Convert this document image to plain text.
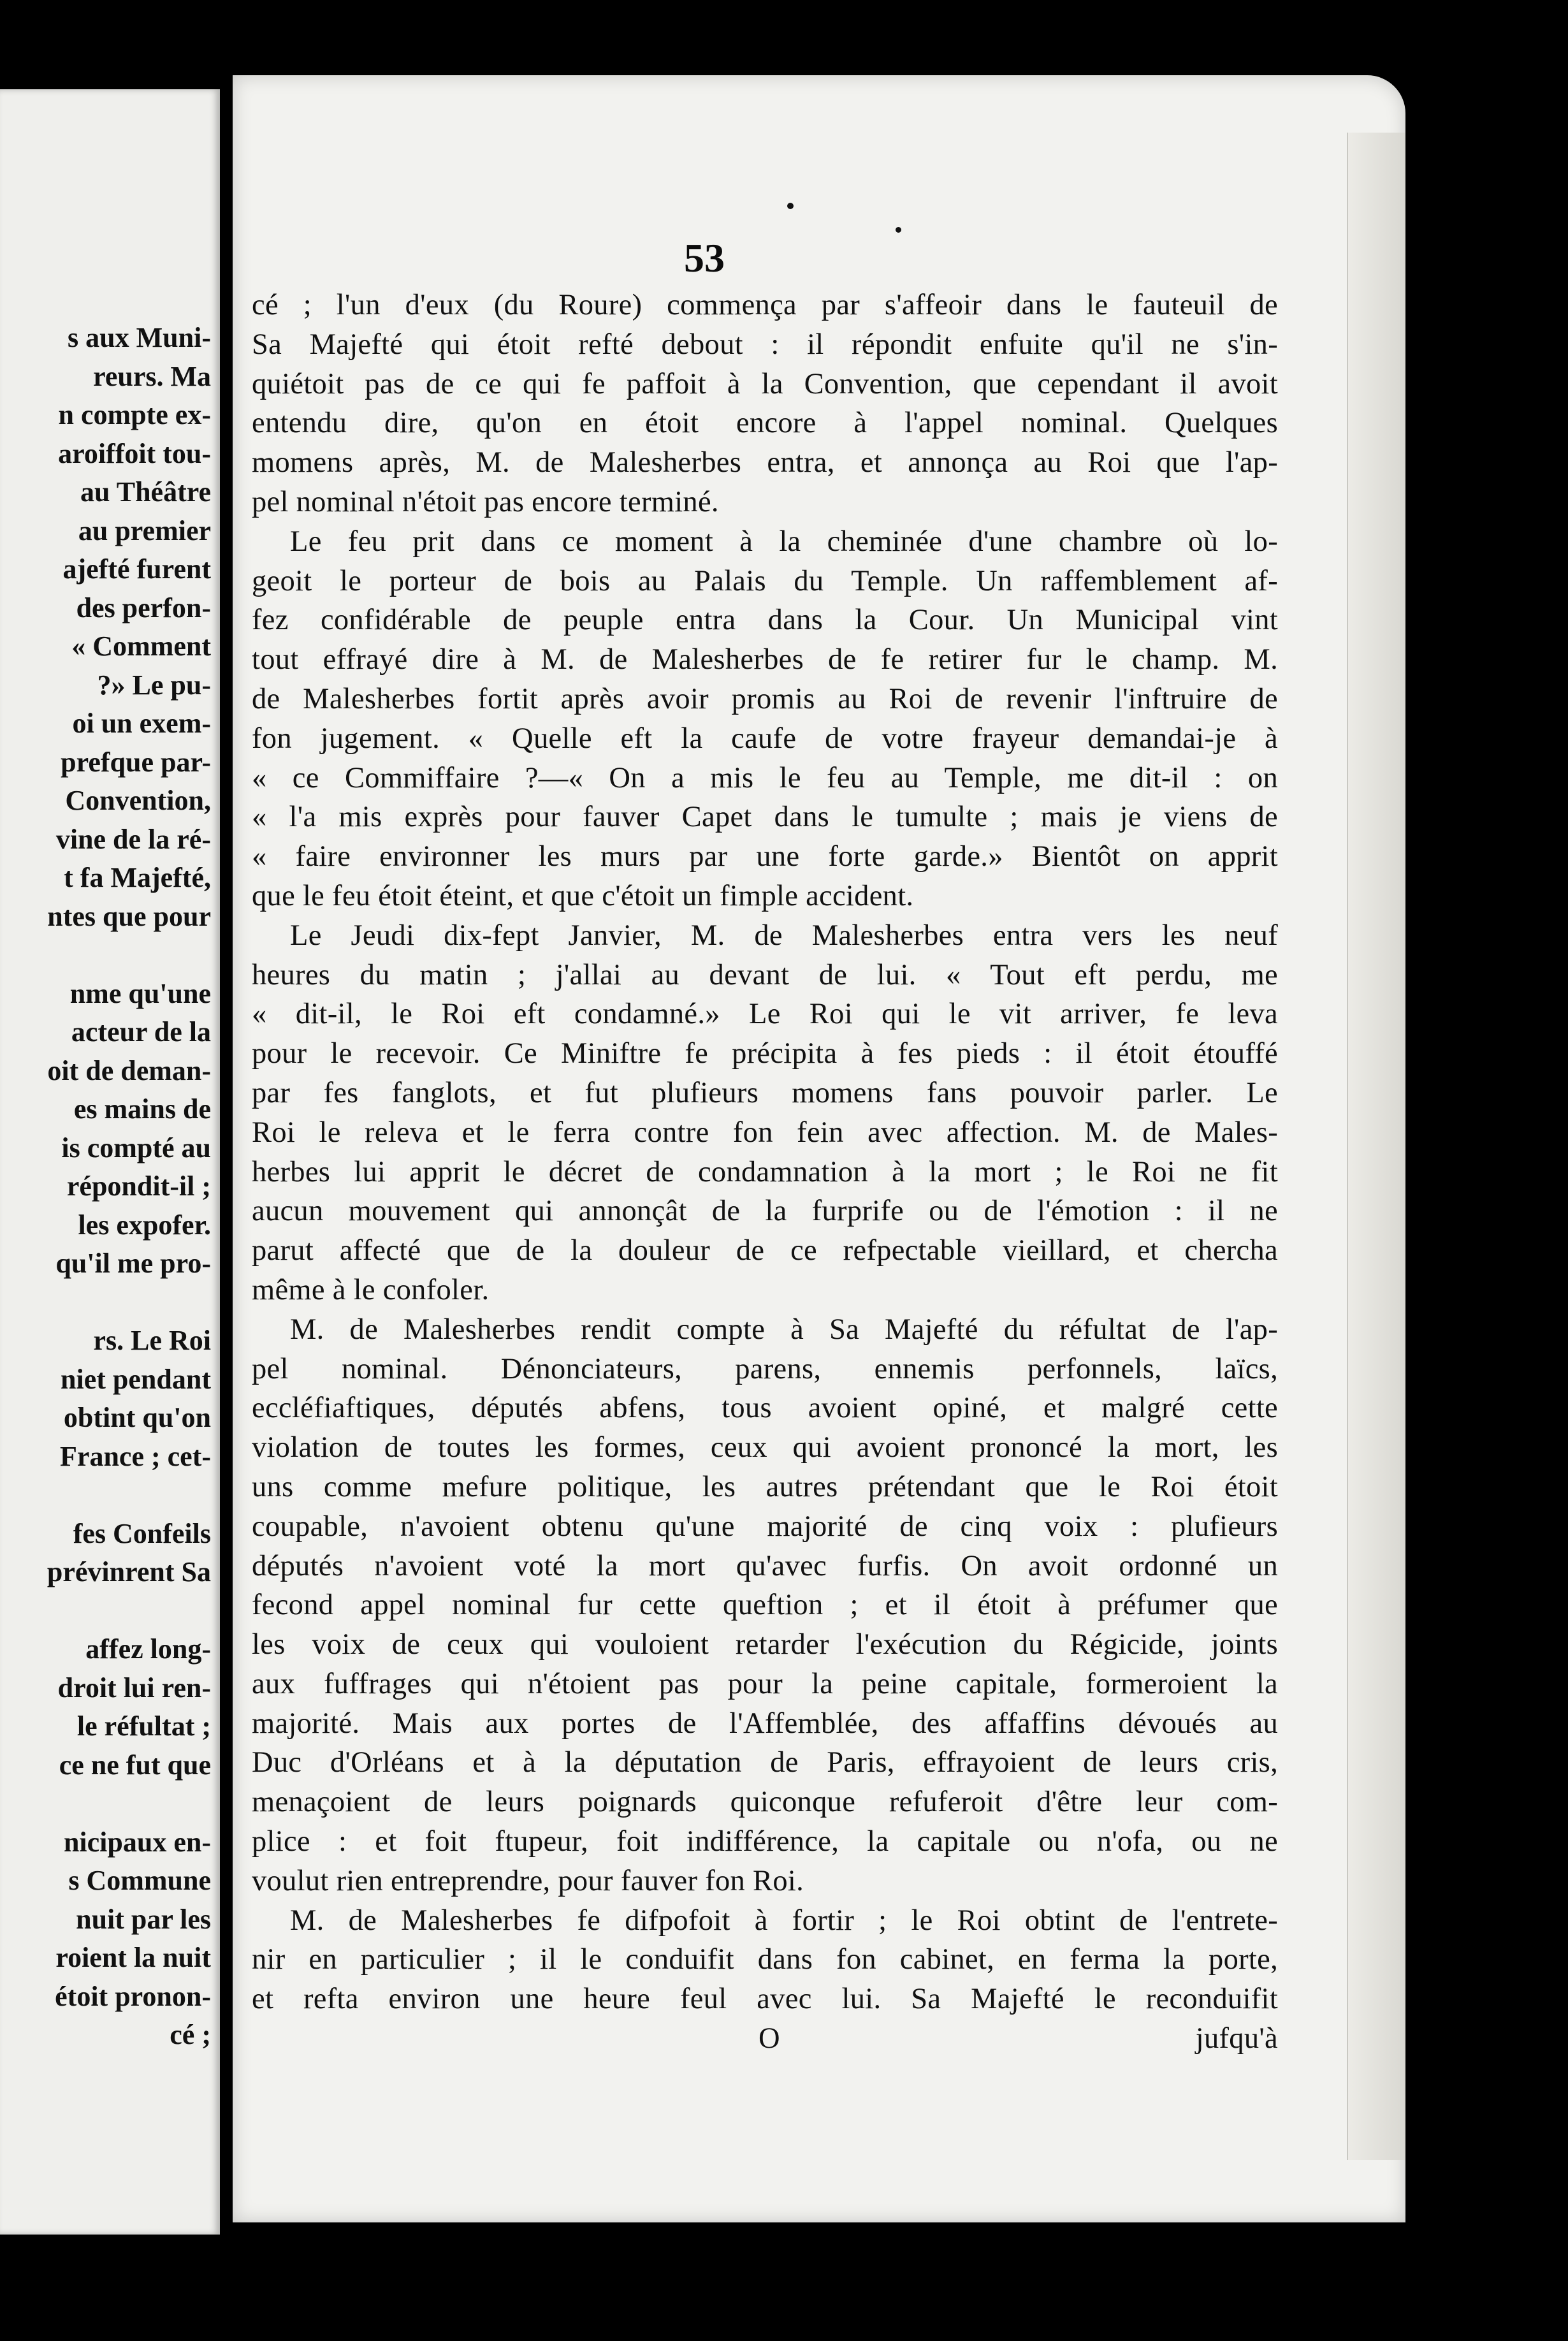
s aux Muni-
reurs. Ma
n compte ex-
aroiffoit tou-
au Théâtre
au premier
ajefté furent
des perfon-
« Comment
?» Le pu-
oi un exem-
prefque par-
Convention,
vine de la ré-
t fa Majefté,
ntes que pour
nme qu'une
acteur de la
oit de deman-
es mains de
is compté au
répondit-il ;
les expofer.
qu'il me pro-
rs. Le Roi
niet pendant
obtint qu'on
France ; cet-
fes Confeils
prévinrent Sa
affez long-
droit lui ren-
le réfultat ;
ce ne fut que
nicipaux en-
s Commune
nuit par les
roient la nuit
étoit pronon-
cé ;
53
cé ; l'un d'eux (du Roure) commença par s'affeoir dans le fauteuil de
Sa Majefté qui étoit refté debout : il répondit enfuite qu'il ne s'in-
quiétoit pas de ce qui fe paffoit à la Convention, que cependant il avoit
entendu dire, qu'on en étoit encore à l'appel nominal. Quelques
momens après, M. de Malesherbes entra, et annonça au Roi que l'ap-
pel nominal n'étoit pas encore terminé.
Le feu prit dans ce moment à la cheminée d'une chambre où lo-
geoit le porteur de bois au Palais du Temple. Un raffemblement af-
fez confidérable de peuple entra dans la Cour. Un Municipal vint
tout effrayé dire à M. de Malesherbes de fe retirer fur le champ. M.
de Malesherbes fortit après avoir promis au Roi de revenir l'inftruire de
fon jugement. « Quelle eft la caufe de votre frayeur demandai-je à
« ce Commiffaire ?—« On a mis le feu au Temple, me dit-il : on
« l'a mis exprès pour fauver Capet dans le tumulte ; mais je viens de
« faire environner les murs par une forte garde.» Bientôt on apprit
que le feu étoit éteint, et que c'étoit un fimple accident.
Le Jeudi dix-fept Janvier, M. de Malesherbes entra vers les neuf
heures du matin ; j'allai au devant de lui. « Tout eft perdu, me
« dit-il, le Roi eft condamné.» Le Roi qui le vit arriver, fe leva
pour le recevoir. Ce Miniftre fe précipita à fes pieds : il étoit étouffé
par fes fanglots, et fut plufieurs momens fans pouvoir parler. Le
Roi le releva et le ferra contre fon fein avec affection. M. de Males-
herbes lui apprit le décret de condamnation à la mort ; le Roi ne fit
aucun mouvement qui annonçât de la furprife ou de l'émotion : il ne
parut affecté que de la douleur de ce refpectable vieillard, et chercha
même à le confoler.
M. de Malesherbes rendit compte à Sa Majefté du réfultat de l'ap-
pel nominal. Dénonciateurs, parens, ennemis perfonnels, laïcs,
eccléfiaftiques, députés abfens, tous avoient opiné, et malgré cette
violation de toutes les formes, ceux qui avoient prononcé la mort, les
uns comme mefure politique, les autres prétendant que le Roi étoit
coupable, n'avoient obtenu qu'une majorité de cinq voix : plufieurs
députés n'avoient voté la mort qu'avec furfis. On avoit ordonné un
fecond appel nominal fur cette queftion ; et il étoit à préfumer que
les voix de ceux qui vouloient retarder l'exécution du Régicide, joints
aux fuffrages qui n'étoient pas pour la peine capitale, formeroient la
majorité. Mais aux portes de l'Affemblée, des affaffins dévoués au
Duc d'Orléans et à la députation de Paris, effrayoient de leurs cris,
menaçoient de leurs poignards quiconque refuferoit d'être leur com-
plice : et foit ftupeur, foit indifférence, la capitale ou n'ofa, ou ne
voulut rien entreprendre, pour fauver fon Roi.
M. de Malesherbes fe difpofoit à fortir ; le Roi obtint de l'entrete-
nir en particulier ; il le conduifit dans fon cabinet, en ferma la porte,
et refta environ une heure feul avec lui. Sa Majefté le reconduifit
O	jufqu'à
